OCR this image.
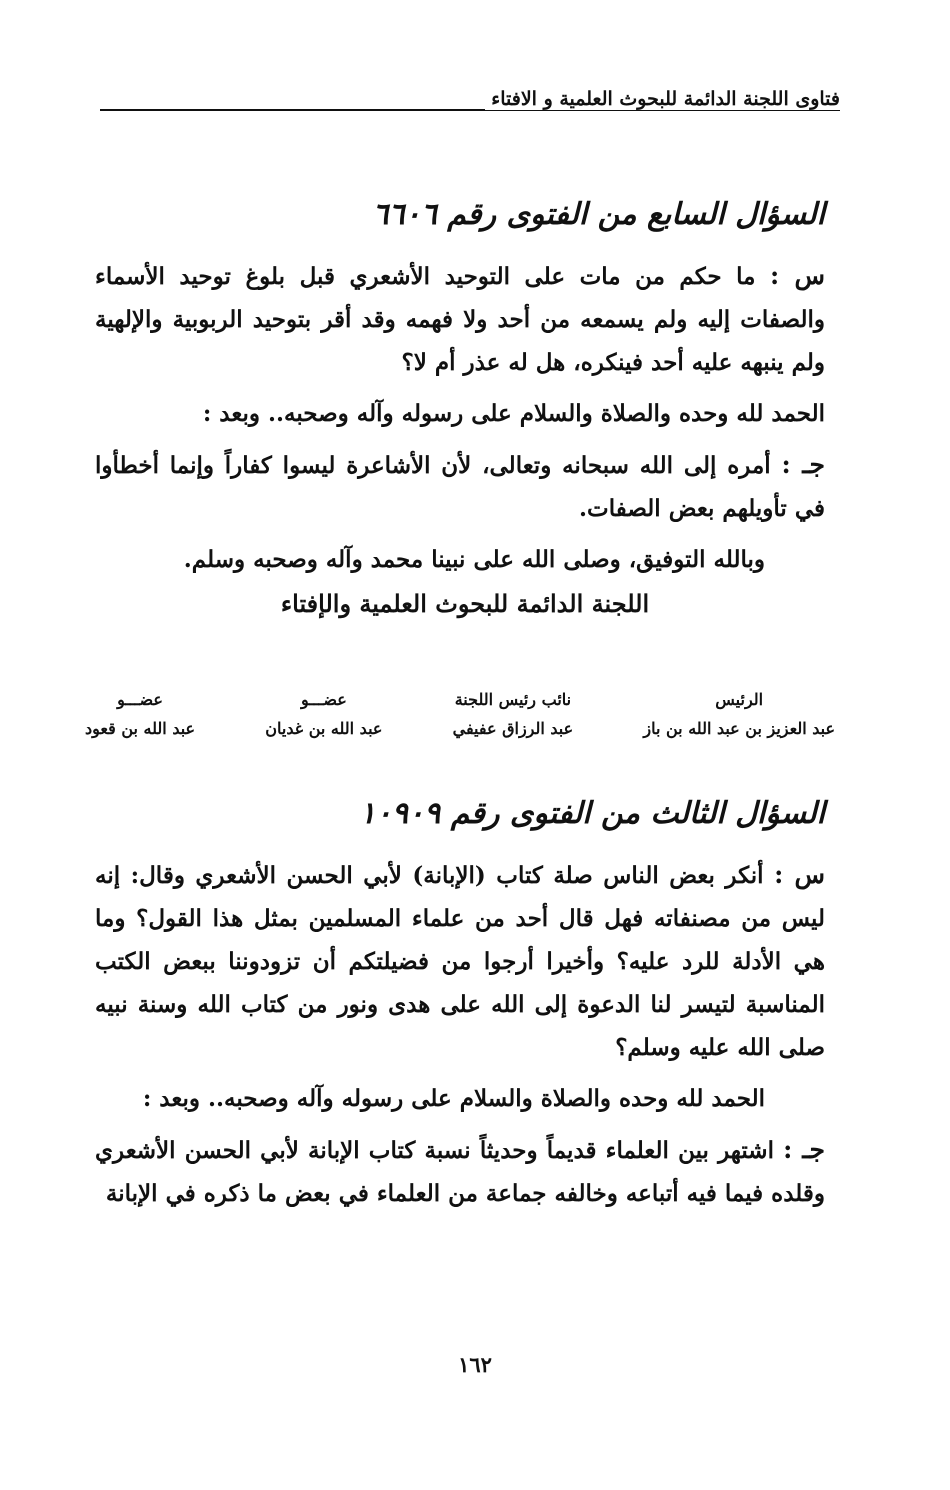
فتاوى اللجنة الدائمة للبحوث العلمية و الافتاء
السؤال السابع من الفتوى رقم ٦٦٠٦

س : ما حكم من مات على التوحيد الأشعري قبل بلوغ توحيد الأسماء والصفات إليه ولم يسمعه من أحد ولا فهمه وقد أقر بتوحيد الربوبية والإلهية ولم ينبهه عليه أحد فينكره، هل له عذر أم لا؟

الحمد لله وحده والصلاة والسلام على رسوله وآله وصحبه.. وبعد :

جـ : أمره إلى الله سبحانه وتعالى، لأن الأشاعرة ليسوا كفاراً وإنما أخطأوا في تأويلهم بعض الصفات.

وبالله التوفيق، وصلى الله على نبينا محمد وآله وصحبه وسلم.

اللجنة الدائمة للبحوث العلمية والإفتاء
الرئيس
عبد العزيز بن عبد الله بن باز
نائب رئيس اللجنة
عبد الرزاق عفيفي
عضـــو
عبد الله بن غديان
عضـــو
عبد الله بن قعود
السؤال الثالث من الفتوى رقم ١٠٩٠٩

س : أنكر بعض الناس صلة كتاب (الإبانة) لأبي الحسن الأشعري وقال: إنه ليس من مصنفاته فهل قال أحد من علماء المسلمين بمثل هذا القول؟ وما هي الأدلة للرد عليه؟ وأخيرا أرجوا من فضيلتكم أن تزودوننا ببعض الكتب المناسبة لتيسر لنا الدعوة إلى الله على هدى ونور من كتاب الله وسنة نبيه صلى الله عليه وسلم؟

الحمد لله وحده والصلاة والسلام على رسوله وآله وصحبه.. وبعد :

جـ : اشتهر بين العلماء قديماً وحديثاً نسبة كتاب الإبانة لأبي الحسن الأشعري وقلده فيما فيه أتباعه وخالفه جماعة من العلماء في بعض ما ذكره في الإبانة

١٦٢
